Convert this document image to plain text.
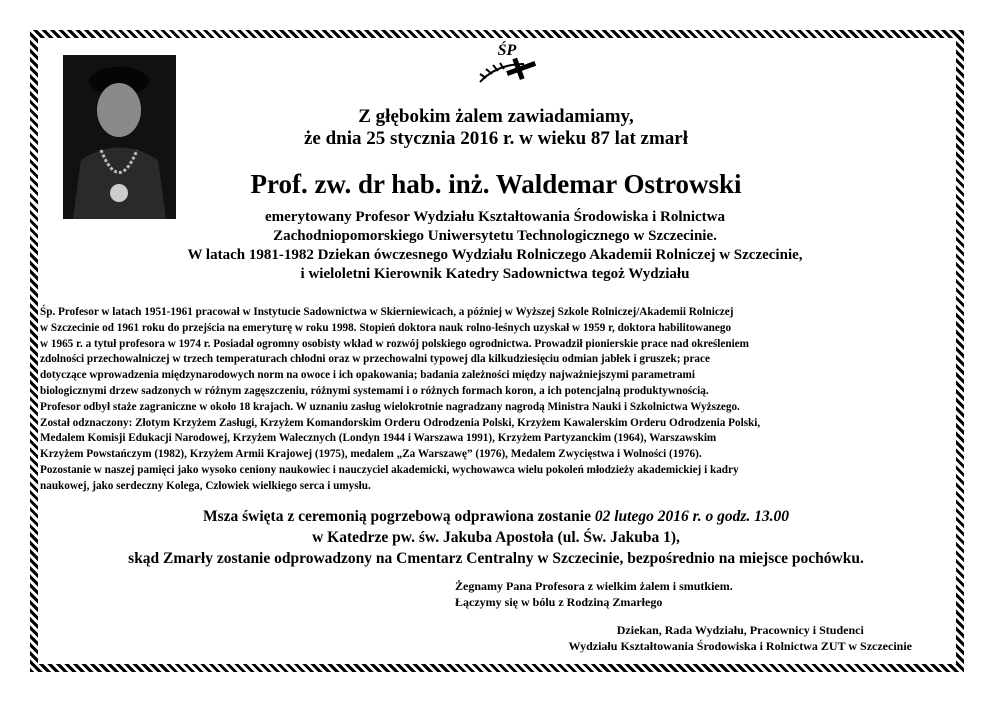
ŚP
Z głębokim żalem zawiadamiamy,
że dnia 25 stycznia 2016 r. w wieku 87 lat zmarł
Prof. zw. dr hab. inż. Waldemar Ostrowski
emerytowany Profesor Wydziału Kształtowania Środowiska i Rolnictwa
Zachodniopomorskiego Uniwersytetu Technologicznego w Szczecinie.
W latach 1981-1982 Dziekan ówczesnego Wydziału Rolniczego Akademii Rolniczej w Szczecinie,
i wieloletni Kierownik Katedry Sadownictwa tegoż Wydziału
Śp. Profesor w latach 1951-1961 pracował w Instytucie Sadownictwa w Skierniewicach, a później w Wyższej Szkole Rolniczej/Akademii Rolniczej
w Szczecinie od 1961 roku do przejścia na emeryturę w roku 1998. Stopień doktora nauk rolno-leśnych uzyskał w 1959 r, doktora habilitowanego
w 1965 r. a tytuł profesora w 1974 r. Posiadał ogromny osobisty wkład w rozwój polskiego ogrodnictwa. Prowadził pionierskie prace nad określeniem
zdolności przechowalniczej w trzech temperaturach chłodni oraz w przechowalni typowej dla kilkudziesięciu odmian jabłek i gruszek; prace
dotyczące wprowadzenia międzynarodowych norm na owoce i ich opakowania; badania zależności między najważniejszymi parametrami
biologicznymi drzew sadzonych w różnym zagęszczeniu, różnymi systemami i o różnych formach koron, a ich potencjalną produktywnością.
Profesor odbył staże zagraniczne w około 18 krajach. W uznaniu zasług wielokrotnie nagradzany nagrodą Ministra Nauki i Szkolnictwa Wyższego.
Został odznaczony: Złotym Krzyżem Zasługi, Krzyżem Komandorskim Orderu Odrodzenia Polski, Krzyżem Kawalerskim Orderu Odrodzenia Polski,
Medalem Komisji Edukacji Narodowej, Krzyżem Walecznych (Londyn 1944 i Warszawa 1991), Krzyżem Partyzanckim (1964), Warszawskim
Krzyżem Powstańczym (1982), Krzyżem Armii Krajowej (1975), medalem „Za Warszawę” (1976), Medalem Zwycięstwa i Wolności (1976).
Pozostanie w naszej pamięci jako wysoko ceniony naukowiec i nauczyciel akademicki, wychowawca wielu pokoleń młodzieży akademickiej i kadry
naukowej, jako serdeczny Kolega, Człowiek wielkiego serca i umysłu.
Msza święta z ceremonią pogrzebową odprawiona zostanie 02 lutego 2016 r. o godz. 13.00
w Katedrze pw. św. Jakuba Apostoła (ul. Św. Jakuba 1),
skąd Zmarły zostanie odprowadzony na Cmentarz Centralny w Szczecinie, bezpośrednio na miejsce pochówku.
Żegnamy Pana Profesora z wielkim żalem i smutkiem.
Łączymy się w bólu z Rodziną Zmarłego
Dziekan, Rada Wydziału, Pracownicy i Studenci
Wydziału Kształtowania Środowiska i Rolnictwa ZUT w Szczecinie
